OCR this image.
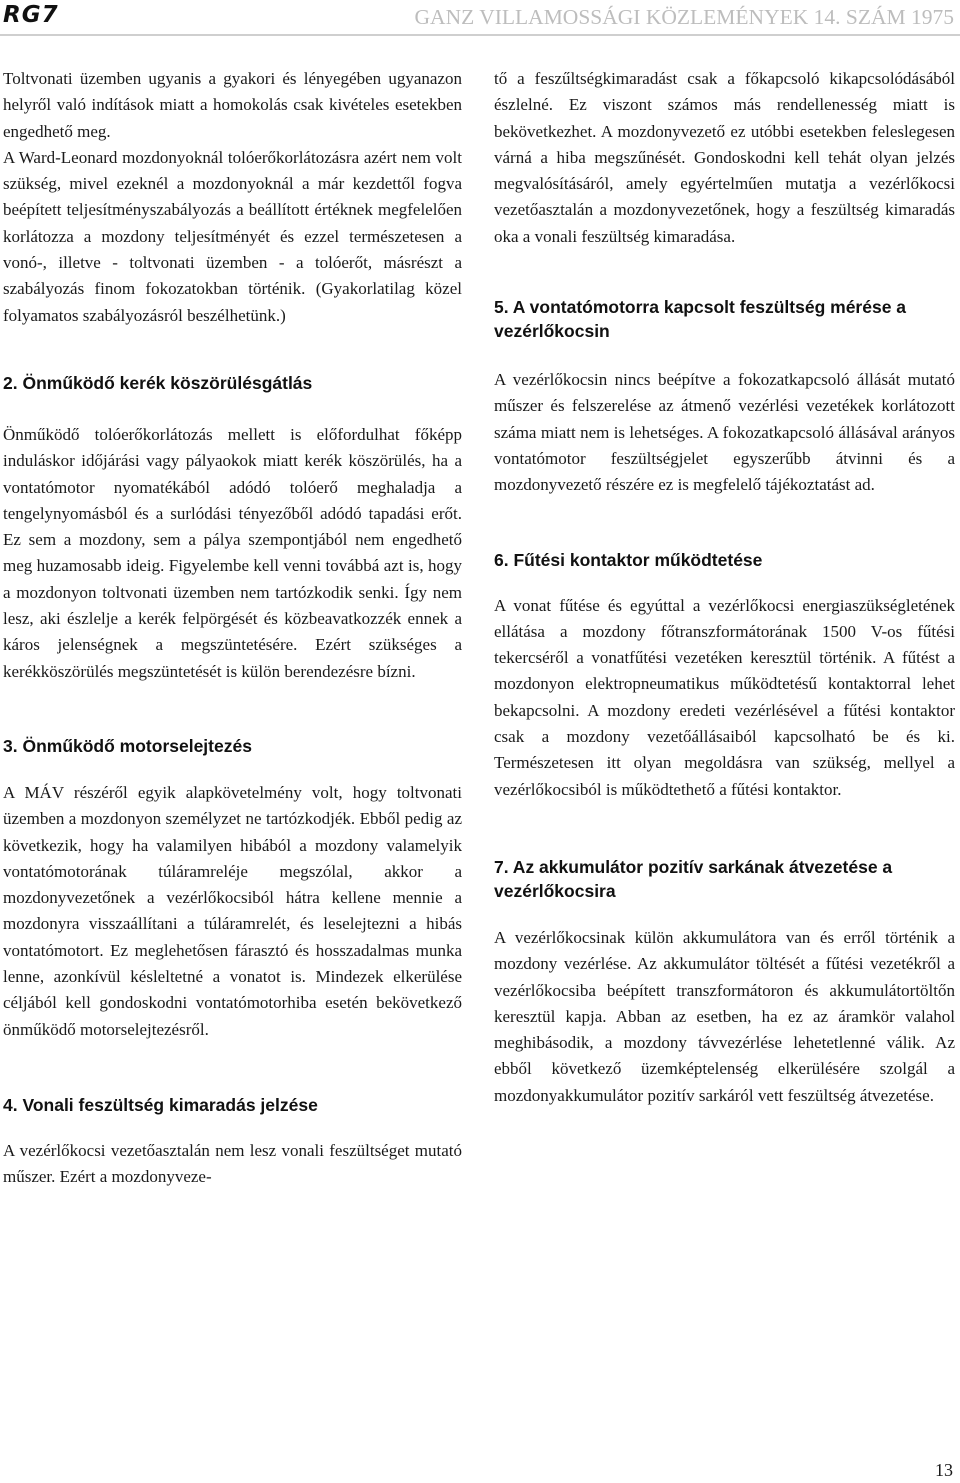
RG7	GANZ VILLAMOSSÁGI KÖZLEMÉNYEK 14. SZÁM 1975

Toltvonati üzemben ugyanis a gyakori és lényegében ugyanazon helyről való indítások miatt a homokolás csak kivételes esetekben engedhető meg.

A Ward-Leonard mozdonyoknál tolóerőkorlátozásra azért nem volt szükség, mivel ezeknél a mozdonyoknál a már kezdettől fogva beépített teljesítményszabályozás a beállított értéknek megfelelően korlátozza a mozdony teljesítményét és ezzel természetesen a vonó-, illetve - toltvonati üzemben - a tolóerőt, másrészt a szabályozás finom fokozatokban történik. (Gyakorlatilag közel folyamatos szabályozásról beszélhetünk.)

2. Önműködő kerék köszörülésgátlás

Önműködő tolóerőkorlátozás mellett is előfordulhat főképp induláskor időjárási vagy pályaokok miatt kerék köszörülés, ha a vontatómotor nyomatékából adódó tolóerő meghaladja a tengelynyomásból és a surlódási tényezőből adódó tapadási erőt. Ez sem a mozdony, sem a pálya szempontjából nem engedhető meg huzamosabb ideig. Figyelembe kell venni továbbá azt is, hogy a mozdonyon toltvonati üzemben nem tartózkodik senki. Így nem lesz, aki észlelje a kerék felpörgését és közbeavatkozzék ennek a káros jelenségnek a megszüntetésére. Ezért szükséges a kerékköszörülés megszüntetését is külön berendezésre bízni.

3. Önműködő motorselejtezés

A MÁV részéről egyik alapkövetelmény volt, hogy toltvonati üzemben a mozdonyon személyzet ne tartózkodjék. Ebből pedig az következik, hogy ha valamilyen hibából a mozdony valamelyik vontatómotorának túláramreléje megszólal, akkor a mozdonyvezetőnek a vezérlőkocsiból hátra kellene mennie a mozdonyra visszaállítani a túláramrelét, és leselejtezni a hibás vontatómotort. Ez meglehetősen fárasztó és hosszadalmas munka lenne, azonkívül késleltetné a vonatot is. Mindezek elkerülése céljából kell gondoskodni vontatómotorhiba esetén bekövetkező önműködő motorselejtezésről.

4. Vonali feszültség kimaradás jelzése

A vezérlőkocsi vezetőasztalán nem lesz vonali feszültséget mutató műszer. Ezért a mozdonyveze-

tő a feszűltségkimaradást csak a főkapcsoló kikapcsolódásából észlelné. Ez viszont számos más rendellenesség miatt is bekövetkezhet. A mozdonyvezető ez utóbbi esetekben feleslegesen várná a hiba megszűnését. Gondoskodni kell tehát olyan jelzés megvalósításáról, amely egyértelműen mutatja a vezérlőkocsi vezetőasztalán a mozdonyvezetőnek, hogy a feszültség kimaradás oka a vonali feszültség kimaradása.

5. A vontatómotorra kapcsolt feszültség mérése a vezérlőkocsin

A vezérlőkocsin nincs beépítve a fokozatkapcsoló állását mutató műszer és felszerelése az átmenő vezérlési vezetékek korlátozott száma miatt nem is lehetséges. A fokozatkapcsoló állásával arányos vontatómotor feszültségjelet egyszerűbb átvinni és a mozdonyvezető részére ez is megfelelő tájékoztatást ad.

6. Fűtési kontaktor működtetése

A vonat fűtése és egyúttal a vezérlőkocsi energiaszükségletének ellátása a mozdony főtranszformátorának 1500 V-os fűtési tekercséről a vonatfűtési vezetéken keresztül történik. A fűtést a mozdonyon elektropneumatikus működtetésű kontaktorral lehet bekapcsolni. A mozdony eredeti vezérlésével a fűtési kontaktor csak a mozdony vezetőállásaiból kapcsolható be és ki. Természetesen itt olyan megoldásra van szükség, mellyel a vezérlőkocsiból is működtethető a fűtési kontaktor.

7. Az akkumulátor pozitív sarkának átvezetése a vezérlőkocsira

A vezérlőkocsinak külön akkumulátora van és erről történik a mozdony vezérlése. Az akkumulátor töltését a fűtési vezetékről a vezérlőkocsiba beépített transzformátoron és akkumulátortöltőn keresztül kapja. Abban az esetben, ha ez az áramkör valahol meghibásodik, a mozdony távvezérlése lehetetlenné válik. Az ebből következő üzemképtelenség elkerülésére szolgál a mozdonyakkumulátor pozitív sarkáról vett feszültség átvezetése.

13
